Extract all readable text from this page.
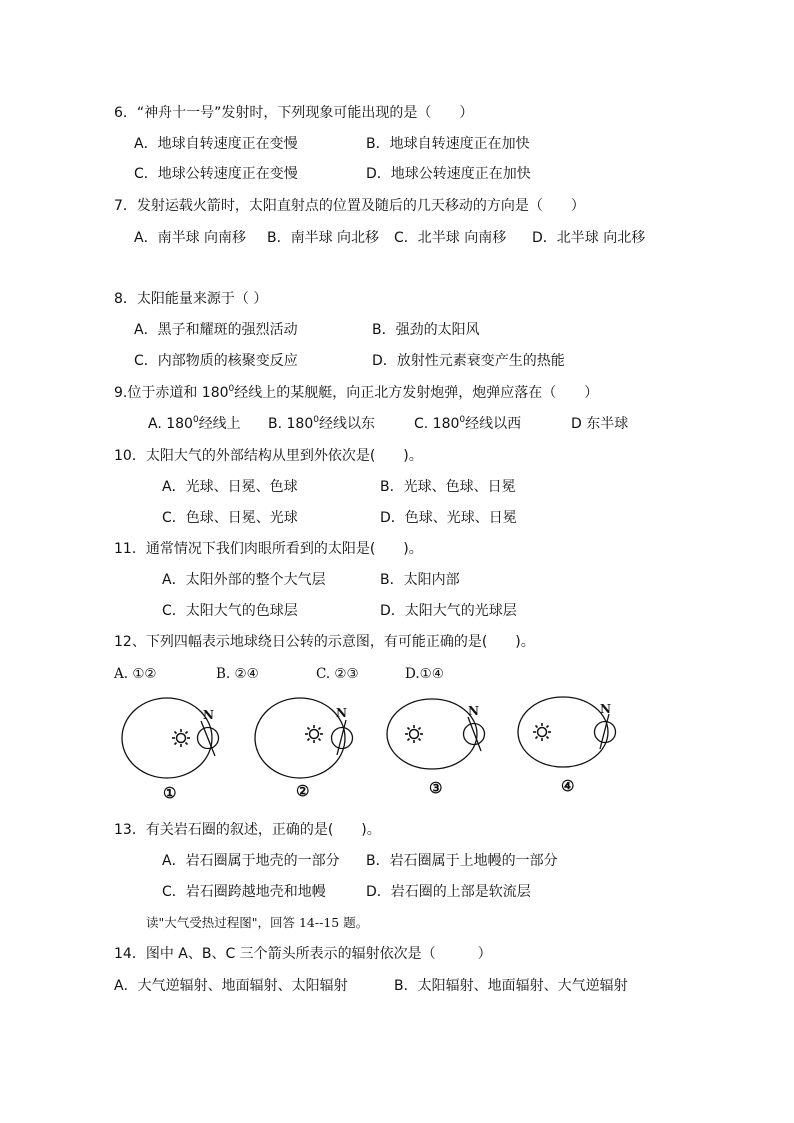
6．“神舟十一号”发射时，下列现象可能出现的是（　　）
A．地球自转速度正在变慢	B．地球自转速度正在加快
C．地球公转速度正在变慢	D．地球公转速度正在加快
7．发射运载火箭时，太阳直射点的位置及随后的几天移动的方向是（　　）
A．南半球 向南移 B．南半球 向北移 C．北半球 向南移 D．北半球 向北移
8．太阳能量来源于（ ）
A．黑子和耀斑的强烈活动	B．强劲的太阳风
C．内部物质的核聚变反应	D．放射性元素衰变产生的热能
9.位于赤道和 $180^0$经线上的某舰艇，向正北方发射炮弹，炮弹应落在（　　）
A. $180^0$经线上 B. $180^0$经线以东	C. $180^0$经线以西	D 东半球
10．太阳大气的外部结构从里到外依次是(　　)。
A．光球、日冕、色球	B．光球、色球、日冕
C．色球、日冕、光球	D．色球、光球、日冕
11．通常情况下我们肉眼所看到的太阳是(　　)。
A．太阳外部的整个大气层	B．太阳内部
C．太阳大气的色球层	D．太阳大气的光球层
12、下列四幅表示地球绕日公转的示意图，有可能正确的是(　　)。
A. ①②	B. ②④	C. ②③	D.①④
N	N	N	N
①	②	③	④
13．有关岩石圈的叙述，正确的是(　　)。
A．岩石圈属于地壳的一部分 B．岩石圈属于上地幔的一部分
C．岩石圈跨越地壳和地幔	D．岩石圈的上部是软流层
读"大气受热过程图"，回答 14--15 题。
14．图中 A、B、C 三个箭头所表示的辐射依次是（　　　）
A．大气逆辐射、地面辐射、太阳辐射	B．太阳辐射、地面辐射、大气逆辐射
